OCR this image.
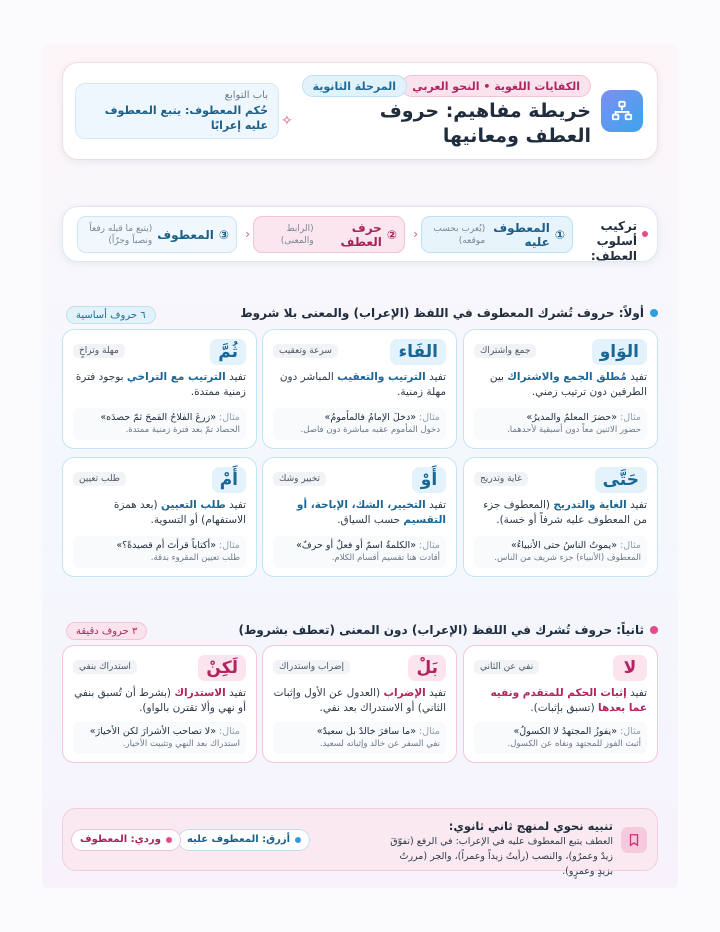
الكفايات اللغوية • النحو العربي
المرحلة الثانوية
خريطة مفاهيم: حروف العطف ومعانيها
✧
باب التوابع
حُكم المعطوف: يتبع المعطوف عليه إعرابًا
تركيب أسلوب العطف:
①
المعطوف عليه
(يُعرب بحسب موقعه)
‹
②
حرف العطف
(الرابط والمعنى)
‹
③
المعطوف
(يتبع ما قبله رفعاً ونصباً وجرّاً)
أولاً: حروف تُشرك المعطوف في اللفظ (الإعراب) والمعنى بلا شروط
٦ حروف أساسية
الوَاو
جمع واشتراك
تفيد مُطلق الجمع والاشتراك بين الطرفين دون ترتيب زمني.
مثال: «حضرَ المعلمُ والمديرُ»
حضور الاثنين معاً دون أسبقية لأحدهما.
الفَاء
سرعة وتعقيب
تفيد الترتيب والتعقيب المباشر دون مهلة زمنية.
مثال: «دخلَ الإمامُ فالمأمومُ»
دخول المأموم عقبه مباشرة دون فاصل.
ثُمَّ
مهلة وتراخٍ
تفيد الترتيب مع التراخي بوجود فترة زمنية ممتدة.
مثال: «زرعَ الفلاحُ القمحَ ثمّ حصدَه»
الحصاد تمّ بعد فترة زمنية ممتدة.
حَتَّى
غاية وتدريج
تفيد الغاية والتدريج (المعطوف جزء من المعطوف عليه شرفاً أو خسة).
مثال: «يموتُ الناسُ حتى الأنبياءُ»
المعطوف (الأنبياء) جزء شريف من الناس.
أَوْ
تخيير وشك
تفيد التخيير، الشك، الإباحة، أو التقسيم حسب السياق.
مثال: «الكلمةُ اسمٌ أو فعلٌ أو حرفٌ»
أفادت هنا تقسيم أقسام الكلام.
أَمْ
طلب تعيين
تفيد طلب التعيين (بعد همزة الاستفهام) أو التسوية.
مثال: «أكتاباً قرأتَ أم قصيدةً؟»
طلب تعيين المقروء بدقة.
ثانياً: حروف تُشرك في اللفظ (الإعراب) دون المعنى (تعطف بشروط)
٣ حروف دقيقة
لا
نفي عن الثاني
تفيد إثبات الحكم للمتقدم ونفيه عما بعدها (تسبق بإثبات).
مثال: «يفوزُ المجتهدُ لا الكسولُ»
أثبت الفوز للمجتهد ونفاه عن الكسول.
بَلْ
إضراب واستدراك
تفيد الإضراب (العدول عن الأول وإثبات الثاني) أو الاستدراك بعد نفي.
مثال: «ما سافرَ خالدٌ بل سعيدٌ»
نفي السفر عن خالد وإثباته لسعيد.
لَكِنْ
استدراك بنفي
تفيد الاستدراك (بشرط أن تُسبق بنفي أو نهي وألا تقترن بالواو).
مثال: «لا تصاحب الأشرارَ لكن الأخيارَ»
استدراك بعد النهي وتثبيت الأخيار.
تنبيه نحوي لمنهج ثاني ثانوي:
العطف يتبع المعطوف عليه في الإعراب: في الرفع (تفوّقَ زيدٌ وعمرٌو)، والنصب (رأيتُ زيداً وعمراً)، والجر (مررتُ بزيدٍ وعمرٍو).
أزرق: المعطوف عليه
وردي: المعطوف
